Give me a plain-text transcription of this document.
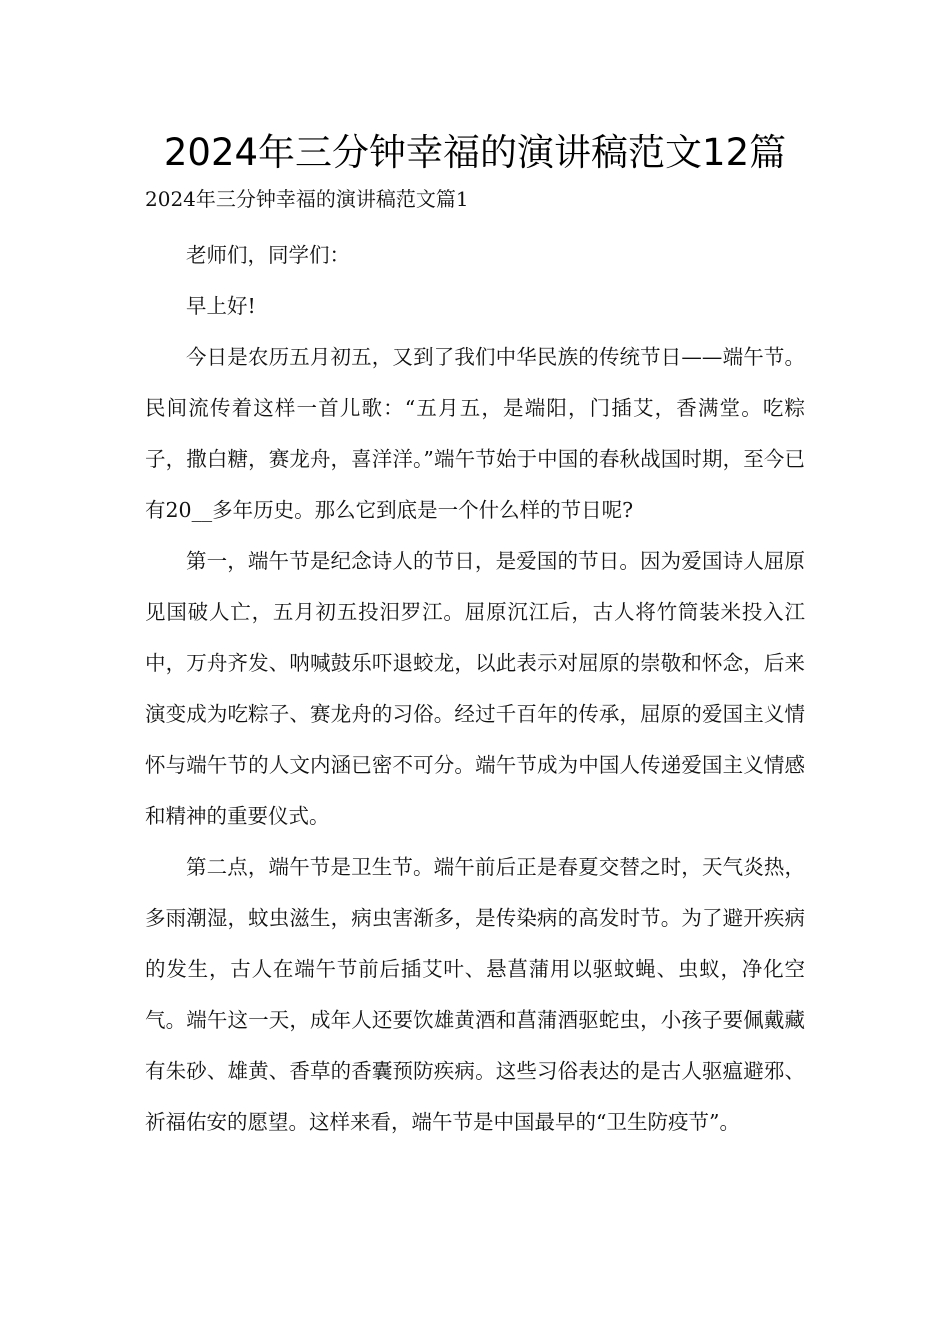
2024年三分钟幸福的演讲稿范文12篇
2024年三分钟幸福的演讲稿范文篇1

老师们，同学们：

早上好!

今日是农历五月初五，又到了我们中华民族的传统节日——端午节。民间流传着这样一首儿歌：“五月五，是端阳，门插艾，香满堂。吃粽子，撒白糖，赛龙舟，喜洋洋。”端午节始于中国的春秋战国时期，至今已有20__多年历史。那么它到底是一个什么样的节日呢?

第一，端午节是纪念诗人的节日，是爱国的节日。因为爱国诗人屈原见国破人亡，五月初五投汨罗江。屈原沉江后，古人将竹筒装米投入江中，万舟齐发、呐喊鼓乐吓退蛟龙，以此表示对屈原的崇敬和怀念，后来演变成为吃粽子、赛龙舟的习俗。经过千百年的传承，屈原的爱国主义情怀与端午节的人文内涵已密不可分。端午节成为中国人传递爱国主义情感和精神的重要仪式。

第二点，端午节是卫生节。端午前后正是春夏交替之时，天气炎热，多雨潮湿，蚊虫滋生，病虫害渐多，是传染病的高发时节。为了避开疾病的发生，古人在端午节前后插艾叶、悬菖蒲用以驱蚊蝇、虫蚁，净化空气。端午这一天，成年人还要饮雄黄酒和菖蒲酒驱蛇虫，小孩子要佩戴藏有朱砂、雄黄、香草的香囊预防疾病。这些习俗表达的是古人驱瘟避邪、祈福佑安的愿望。这样来看，端午节是中国最早的“卫生防疫节”。
